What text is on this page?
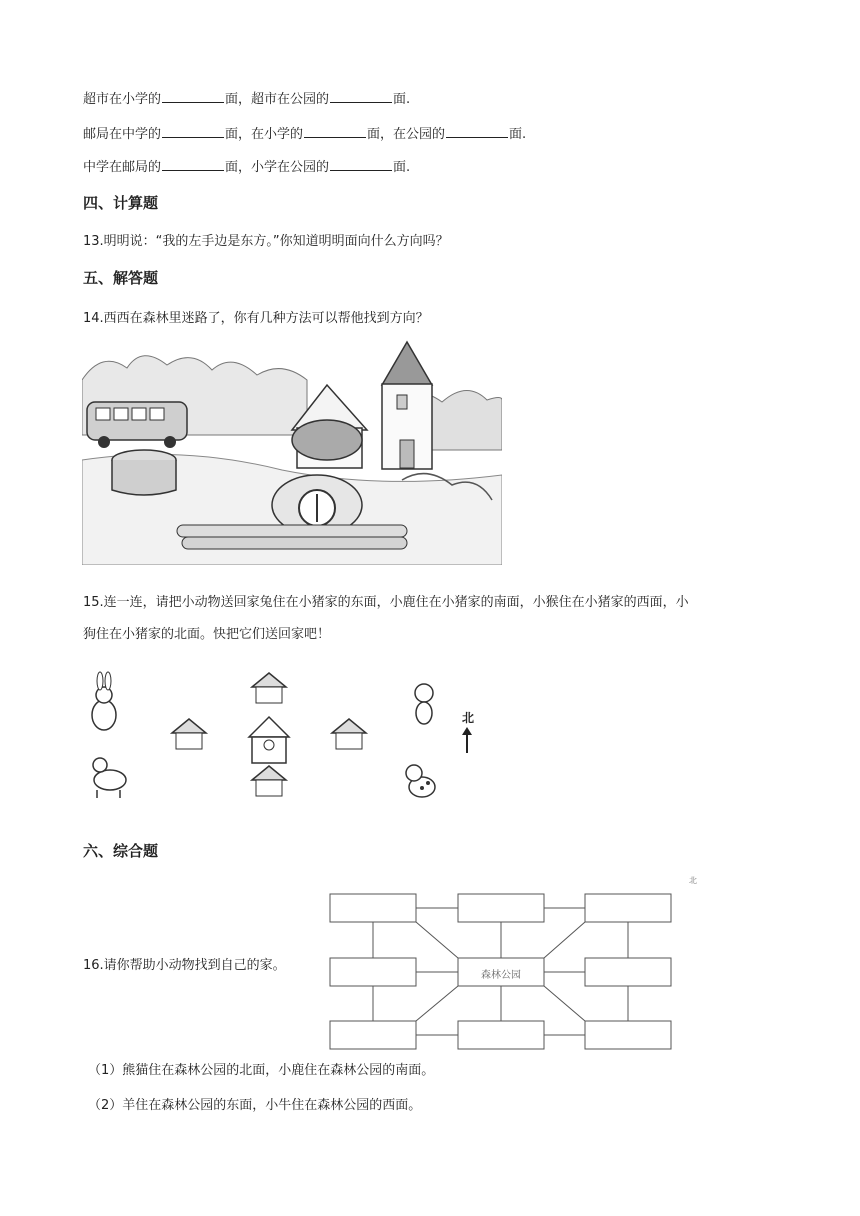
超市在小学的	面，超市在公园的	面.
邮局在中学的	面，在小学的	面，在公园的	面.
中学在邮局的	面，小学在公园的	面.
四、计算题
13.明明说：“我的左手边是东方。”你知道明明面向什么方向吗？
五、解答题
14.西西在森林里迷路了，你有几种方法可以帮他找到方向？
15.连一连，请把小动物送回家兔住在小猪家的东面，小鹿住在小猪家的南面，小猴住在小猪家的西面，小
狗住在小猪家的北面。快把它们送回家吧！
北
六、综合题
16.请你帮助小动物找到自己的家。
森林公园
北
（1）熊猫住在森林公园的北面，小鹿住在森林公园的南面。
（2）羊住在森林公园的东面，小牛住在森林公园的西面。
